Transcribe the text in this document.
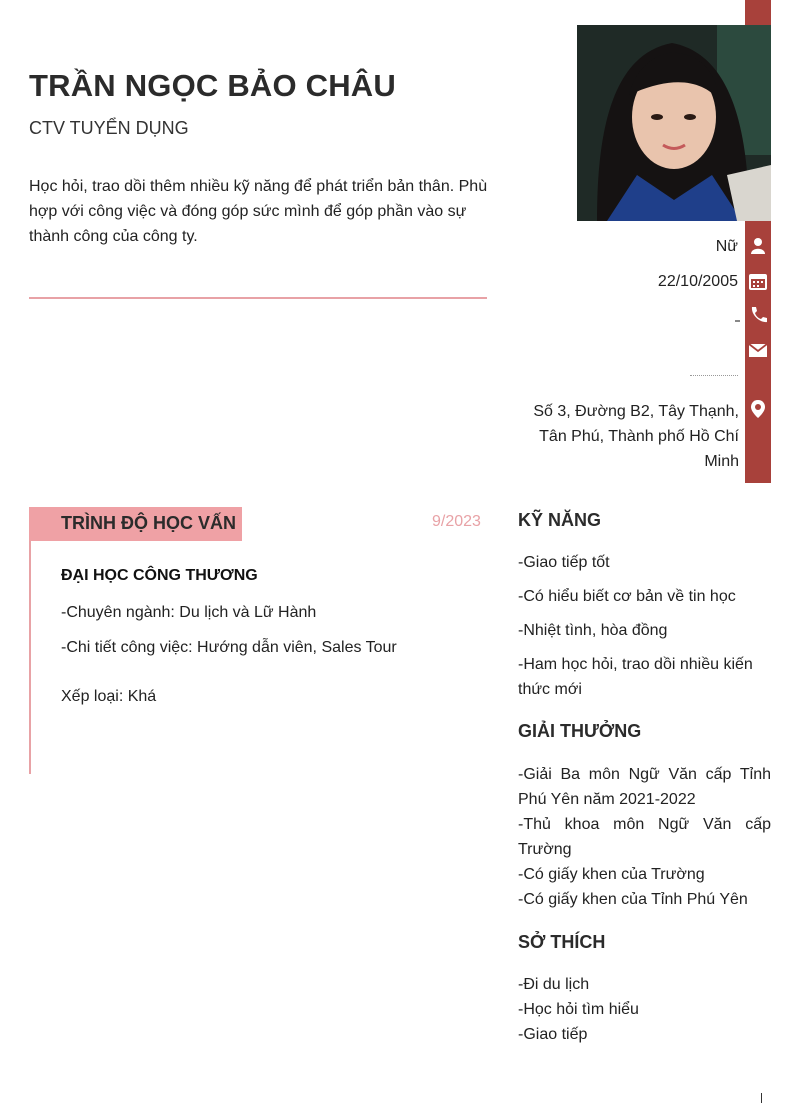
TRẦN NGỌC BẢO CHÂU
CTV TUYỂN DỤNG
Học hỏi, trao dồi thêm nhiều kỹ năng để phát triển bản thân. Phù hợp với công việc và đóng góp sức mình để góp phần vào sự thành công của công ty.
Nữ
22/10/2005
Số 3, Đường B2, Tây Thạnh, Tân Phú, Thành phố Hồ Chí Minh
TRÌNH ĐỘ HỌC VẤN	9/2023
ĐẠI HỌC CÔNG THƯƠNG
-Chuyên ngành: Du lịch và Lữ Hành
-Chi tiết công việc: Hướng dẫn viên, Sales Tour
Xếp loại: Khá
KỸ NĂNG

-Giao tiếp tốt

-Có hiểu biết cơ bản về tin học

-Nhiệt tình, hòa đồng

-Ham học hỏi, trao dồi nhiều kiến thức mới

GIẢI THƯỞNG

-Giải Ba môn Ngữ Văn cấp Tỉnh Phú Yên năm 2021-2022

-Thủ khoa môn Ngữ Văn cấp Trường

-Có giấy khen của Trường

-Có giấy khen của Tỉnh Phú Yên

SỞ THÍCH

-Đi du lịch

-Học hỏi tìm hiểu

-Giao tiếp
